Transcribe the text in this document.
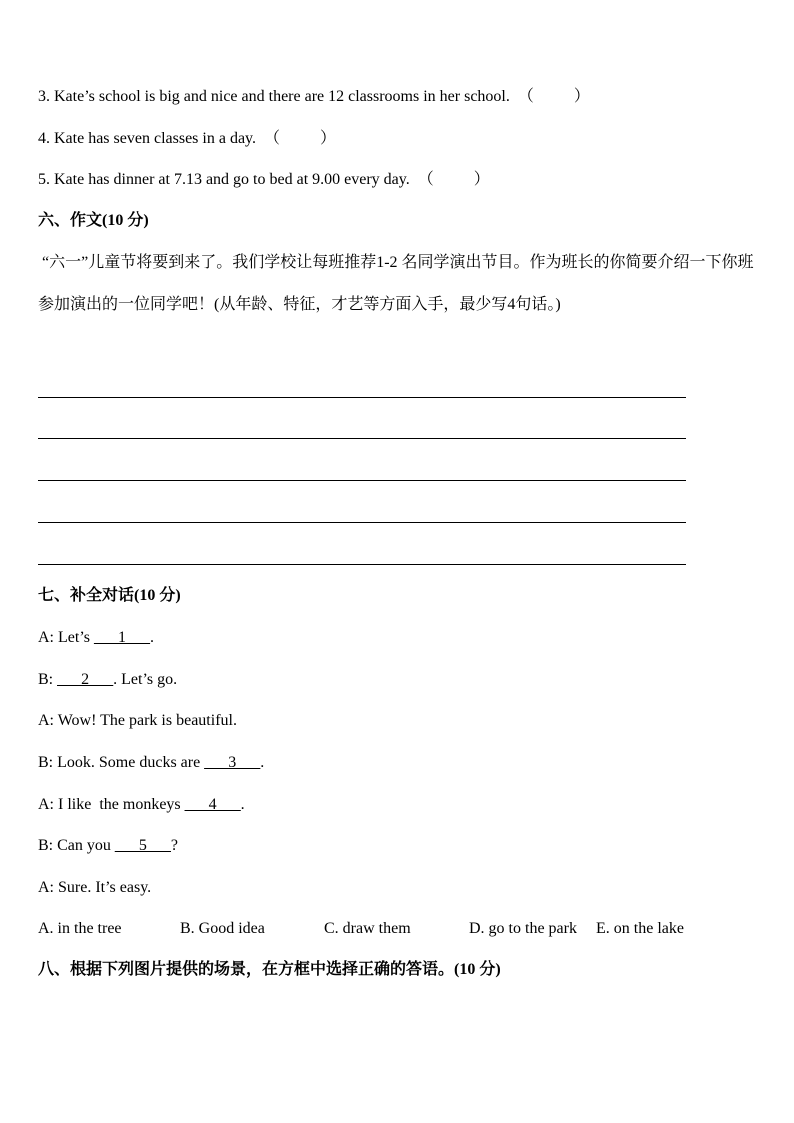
3. Kate’s school is big and nice and there are 12 classrooms in her school.  （          ）
4. Kate has seven classes in a day.  （          ）
5. Kate has dinner at 7.13 and go to bed at 9.00 every day.  （          ）
六、作文(10 分)
“六一”儿童节将要到来了。我们学校让每班推荐1-2 名同学演出节目。作为班长的你简要介绍一下你班参加演出的一位同学吧！(从年龄、特征，才艺等方面入手，最少写4句话。)
七、补全对话(10 分)
A: Let’s ___1___.
B: ___2___. Let’s go.
A: Wow! The park is beautiful.
B: Look. Some ducks are ___3___.
A: I like  the monkeys ___4___.
B: Can you ___5___?
A: Sure. It’s easy.
A. in the tree	B. Good idea	C. draw them	D. go to the park E. on the lake
八、根据下列图片提供的场景，在方框中选择正确的答语。(10 分)
